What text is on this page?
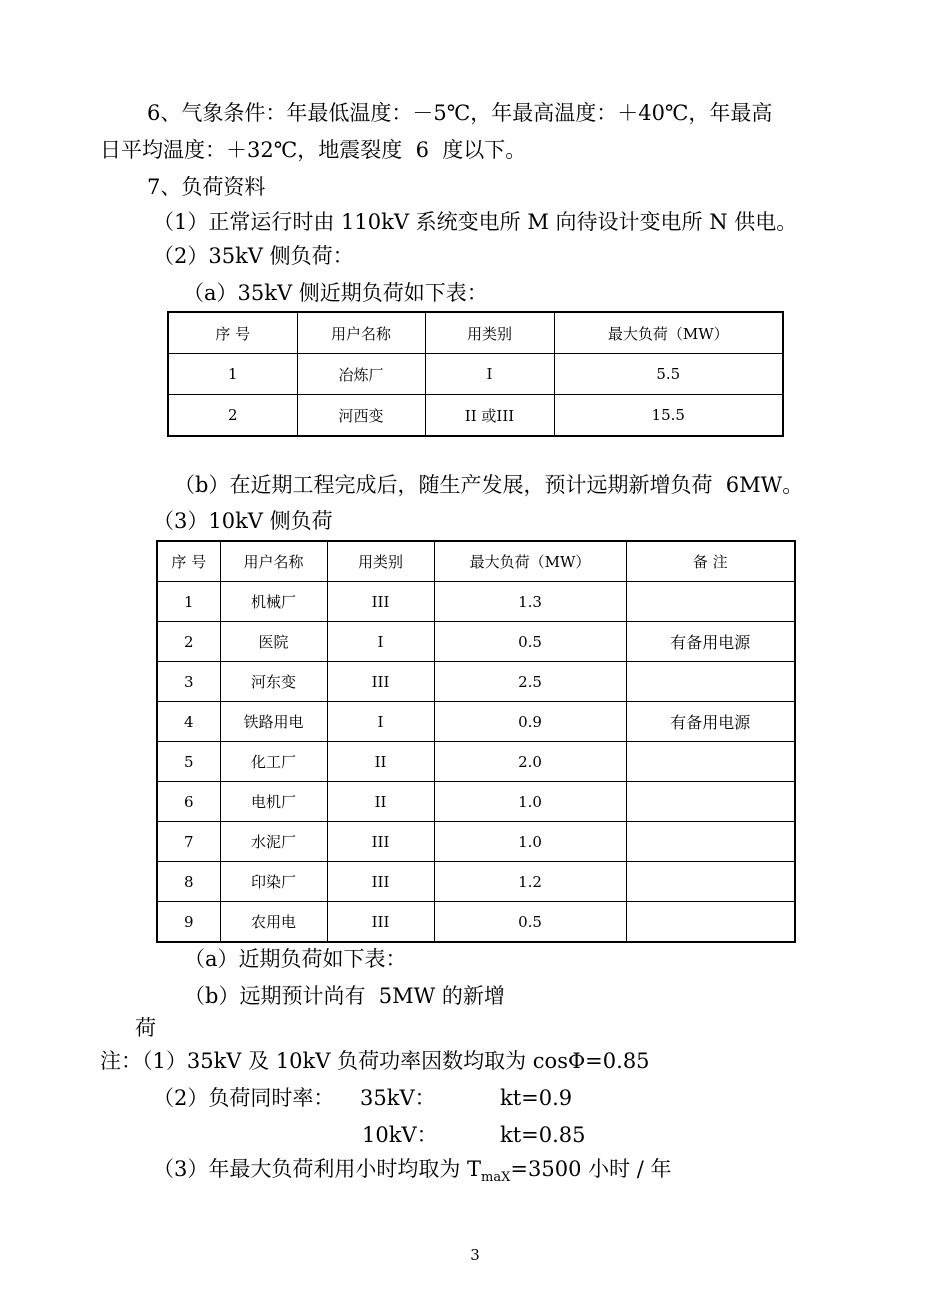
6、气象条件：年最低温度：－5℃，年最高温度：＋40℃，年最高
日平均温度：＋32℃，地震裂度  6  度以下。
7、负荷资料
（1）正常运行时由 110kV 系统变电所 M 向待设计变电所 N 供电。
（2）35kV 侧负荷：
（a）35kV 侧近期负荷如下表：
序 号	用户名称	用类别	最大负荷（MW）
1	冶炼厂	I	5.5
2	河西变	II 或III	15.5
（b）在近期工程完成后，随生产发展，预计远期新增负荷  6MW。
（3）10kV 侧负荷
序 号	用户名称	用类别	最大负荷（MW）	备 注
1	机械厂	III	1.3	
2	医院	I	0.5	有备用电源
3	河东变	III	2.5	
4	铁路用电	I	0.9	有备用电源
5	化工厂	II	2.0	
6	电机厂	II	1.0	
7	水泥厂	III	1.0	
8	印染厂	III	1.2	
9	农用电	III	0.5	
（a）近期负荷如下表：
（b）远期预计尚有  5MW 的新增
荷
注：（1）35kV 及 10kV 负荷功率因数均取为 cosΦ=0.85
（2）负荷同时率： 35kV：	kt=0.9
10kV：	kt=0.85
（3）年最大负荷利用小时均取为 $T_{maX}=3500$ 小时 / 年
3
